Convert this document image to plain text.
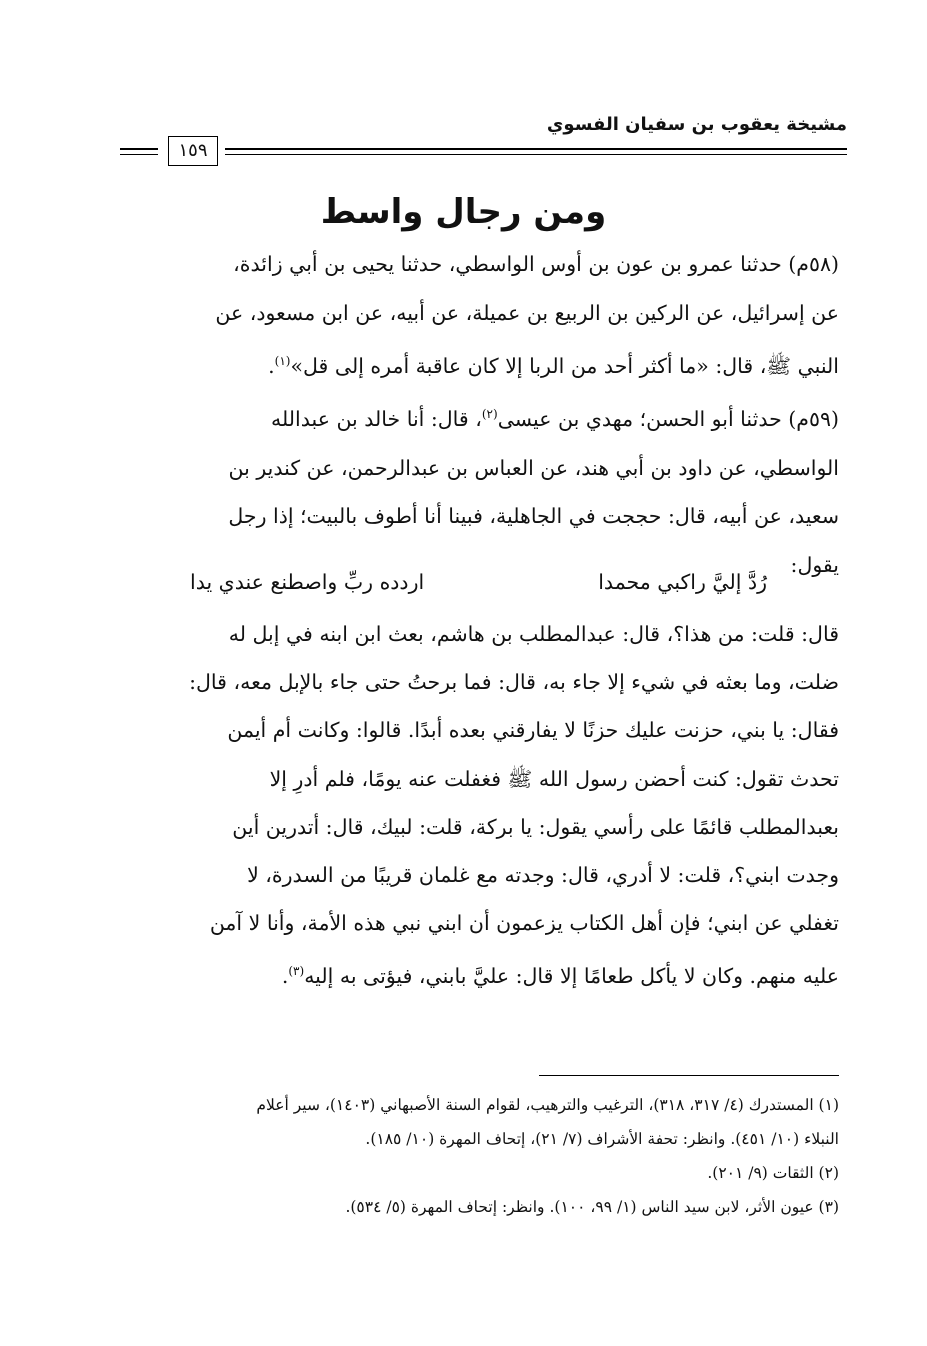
مشيخة يعقوب بن سفيان الفسوي
١٥٩
ومن رجال واسط

(٥٨م) حدثنا عمرو بن عون بن أوس الواسطي، حدثنا يحيى بن أبي زائدة،

عن إسرائيل، عن الركين بن الربيع بن عميلة، عن أبيه، عن ابن مسعود، عن

النبي ﷺ، قال: «ما أكثر أحد من الربا إلا كان عاقبة أمره إلى قل»$^{(١)}$.

(٥٩م) حدثنا أبو الحسن؛ مهدي بن عيسى$^{(٢)}$، قال: أنا خالد بن عبدالله

الواسطي، عن داود بن أبي هند، عن العباس بن عبدالرحمن، عن كندير بن

سعيد، عن أبيه، قال: حججت في الجاهلية، فبينا أنا أطوف بالبيت؛ إذا رجل

يقول:

رُدَّ إليَّ راكبي محمدا
اردده ربِّ واصطنع عندي يدا

قال: قلت: من هذا؟، قال: عبدالمطلب بن هاشم، بعث ابن ابنه في إبل له

ضلت، وما بعثه في شيء إلا جاء به، قال: فما برحتُ حتى جاء بالإبل معه، قال:

فقال: يا بني، حزنت عليك حزنًا لا يفارقني بعده أبدًا. قالوا: وكانت أم أيمن

تحدث تقول: كنت أحضن رسول الله ﷺ فغفلت عنه يومًا، فلم أدرِ إلا

بعبدالمطلب قائمًا على رأسي يقول: يا بركة، قلت: لبيك، قال: أتدرين أين

وجدت ابني؟، قلت: لا أدري، قال: وجدته مع غلمان قريبًا من السدرة، لا

تغفلي عن ابني؛ فإن أهل الكتاب يزعمون أن ابني نبي هذه الأمة، وأنا لا آمن

عليه منهم. وكان لا يأكل طعامًا إلا قال: عليَّ بابني، فيؤتى به إليه$^{(٣)}$.

(١) المستدرك (٤/ ٣١٧، ٣١٨)، الترغيب والترهيب، لقوام السنة الأصبهاني (١٤٠٣)، سير أعلام

النبلاء (١٠/ ٤٥١). وانظر: تحفة الأشراف (٧/ ٢١)، إتحاف المهرة (١٠/ ١٨٥).

(٢) الثقات (٩/ ٢٠١).

(٣) عيون الأثر، لابن سيد الناس (١/ ٩٩، ١٠٠). وانظر: إتحاف المهرة (٥/ ٥٣٤).
